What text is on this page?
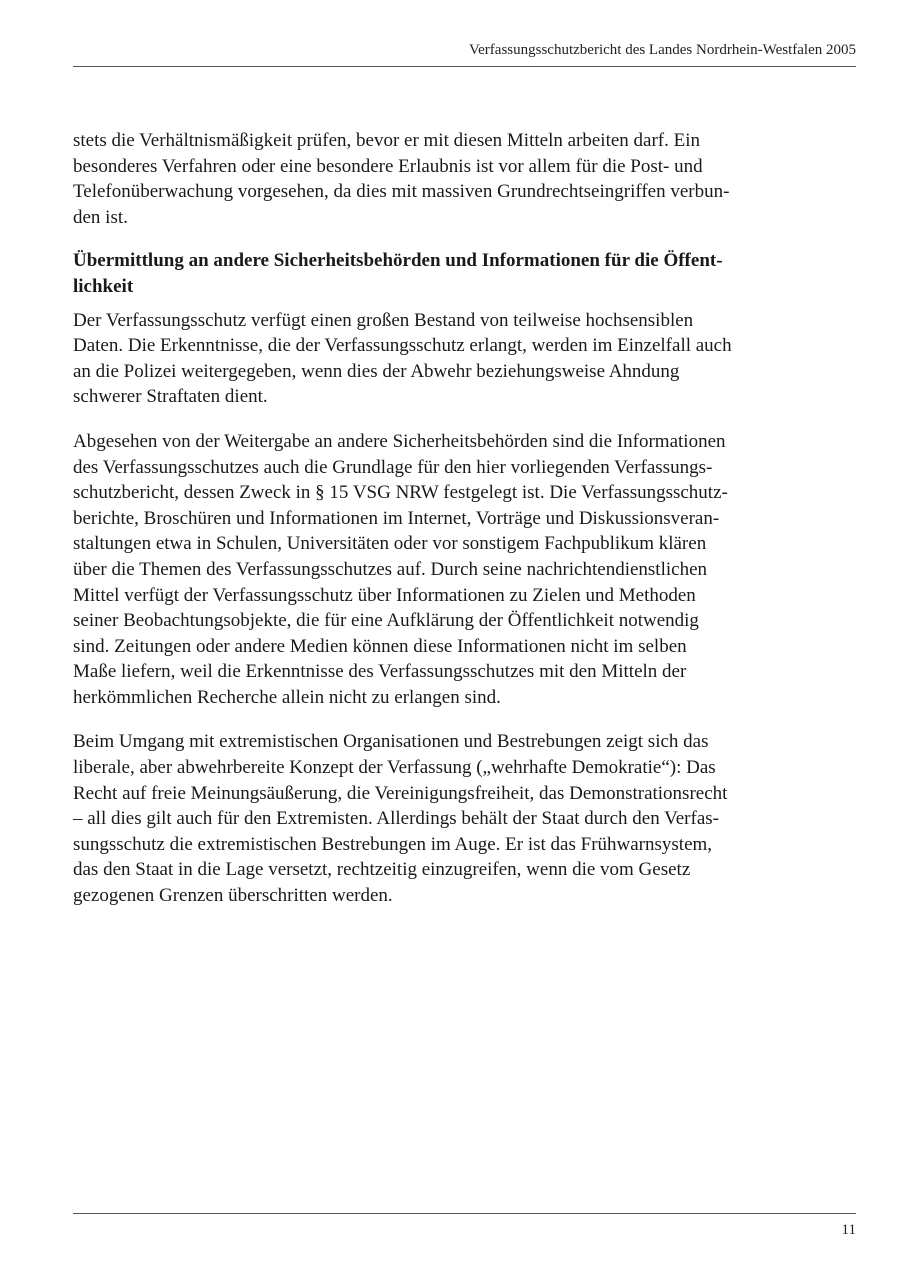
Verfassungsschutzbericht des Landes Nordrhein-Westfalen 2005

stets die Verhältnismäßigkeit prüfen, bevor er mit diesen Mitteln arbeiten darf. Ein
besonderes Verfahren oder eine besondere Erlaubnis ist vor allem für die Post- und
Telefonüberwachung vorgesehen, da dies mit massiven Grundrechtseingriffen verbun-
den ist.

Übermittlung an andere Sicherheitsbehörden und Informationen für die Öffent-
lichkeit

Der Verfassungsschutz verfügt einen großen Bestand von teilweise hochsensiblen
Daten. Die Erkenntnisse, die der Verfassungsschutz erlangt, werden im Einzelfall auch
an die Polizei weitergegeben, wenn dies der Abwehr beziehungsweise Ahndung
schwerer Straftaten dient.

Abgesehen von der Weitergabe an andere Sicherheitsbehörden sind die Informationen
des Verfassungsschutzes auch die Grundlage für den hier vorliegenden Verfassungs-
schutzbericht, dessen Zweck in § 15 VSG NRW festgelegt ist. Die Verfassungsschutz-
berichte, Broschüren und Informationen im Internet, Vorträge und Diskussionsveran-
staltungen etwa in Schulen, Universitäten oder vor sonstigem Fachpublikum klären
über die Themen des Verfassungsschutzes auf. Durch seine nachrichtendienstlichen
Mittel verfügt der Verfassungsschutz über Informationen zu Zielen und Methoden
seiner Beobachtungsobjekte, die für eine Aufklärung der Öffentlichkeit notwendig
sind. Zeitungen oder andere Medien können diese Informationen nicht im selben
Maße liefern, weil die Erkenntnisse des Verfassungsschutzes mit den Mitteln der
herkömmlichen Recherche allein nicht zu erlangen sind.

Beim Umgang mit extremistischen Organisationen und Bestrebungen zeigt sich das
liberale, aber abwehrbereite Konzept der Verfassung („wehrhafte Demokratie“): Das
Recht auf freie Meinungsäußerung, die Vereinigungsfreiheit, das Demonstrationsrecht
– all dies gilt auch für den Extremisten. Allerdings behält der Staat durch den Verfas-
sungsschutz die extremistischen Bestrebungen im Auge. Er ist das Frühwarnsystem,
das den Staat in die Lage versetzt, rechtzeitig einzugreifen, wenn die vom Gesetz
gezogenen Grenzen überschritten werden.

11
